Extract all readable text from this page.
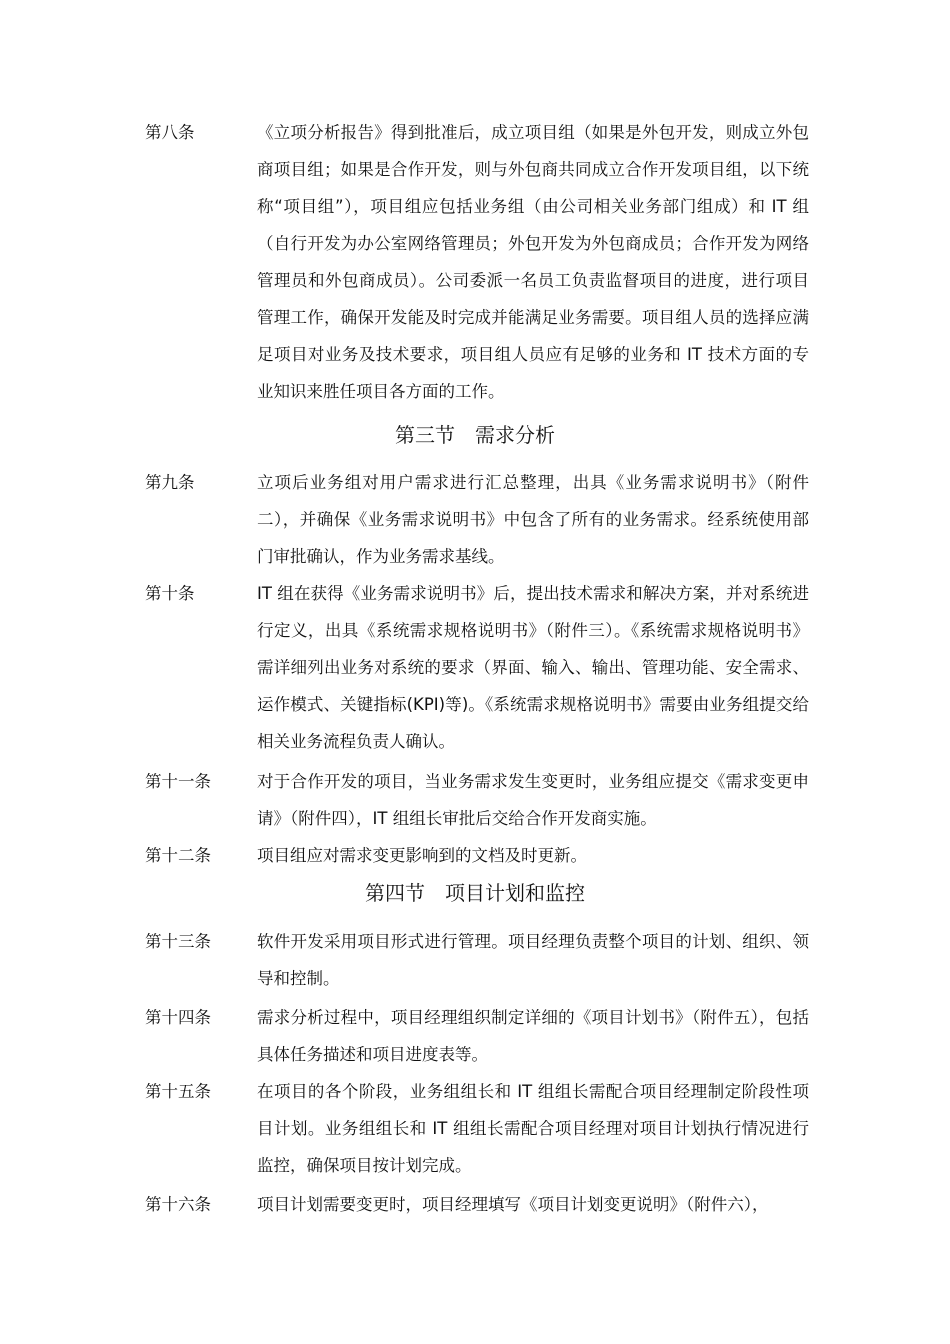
第八条	《立项分析报告》得到批准后，成立项目组（如果是外包开发，则成立外包商项目组；如果是合作开发，则与外包商共同成立合作开发项目组，以下统称“项目组”），项目组应包括业务组（由公司相关业务部门组成）和 IT 组（自行开发为办公室网络管理员；外包开发为外包商成员；合作开发为网络管理员和外包商成员）。公司委派一名员工负责监督项目的进度，进行项目管理工作，确保开发能及时完成并能满足业务需要。项目组人员的选择应满足项目对业务及技术要求，项目组人员应有足够的业务和 IT 技术方面的专业知识来胜任项目各方面的工作。
第三节　需求分析
第九条	立项后业务组对用户需求进行汇总整理，出具《业务需求说明书》（附件二），并确保《业务需求说明书》中包含了所有的业务需求。经系统使用部门审批确认，作为业务需求基线。
第十条	IT 组在获得《业务需求说明书》后，提出技术需求和解决方案，并对系统进行定义，出具《系统需求规格说明书》（附件三）。《系统需求规格说明书》需详细列出业务对系统的要求（界面、输入、输出、管理功能、安全需求、运作模式、关键指标(KPI)等)。《系统需求规格说明书》需要由业务组提交给相关业务流程负责人确认。
第十一条	对于合作开发的项目，当业务需求发生变更时，业务组应提交《需求变更申请》（附件四），IT 组组长审批后交给合作开发商实施。
第十二条	项目组应对需求变更影响到的文档及时更新。
第四节　项目计划和监控
第十三条	软件开发采用项目形式进行管理。项目经理负责整个项目的计划、组织、领导和控制。
第十四条	需求分析过程中，项目经理组织制定详细的《项目计划书》（附件五），包括具体任务描述和项目进度表等。
第十五条	在项目的各个阶段，业务组组长和 IT 组组长需配合项目经理制定阶段性项目计划。业务组组长和 IT 组组长需配合项目经理对项目计划执行情况进行监控，确保项目按计划完成。
第十六条	项目计划需要变更时，项目经理填写《项目计划变更说明》（附件六），
